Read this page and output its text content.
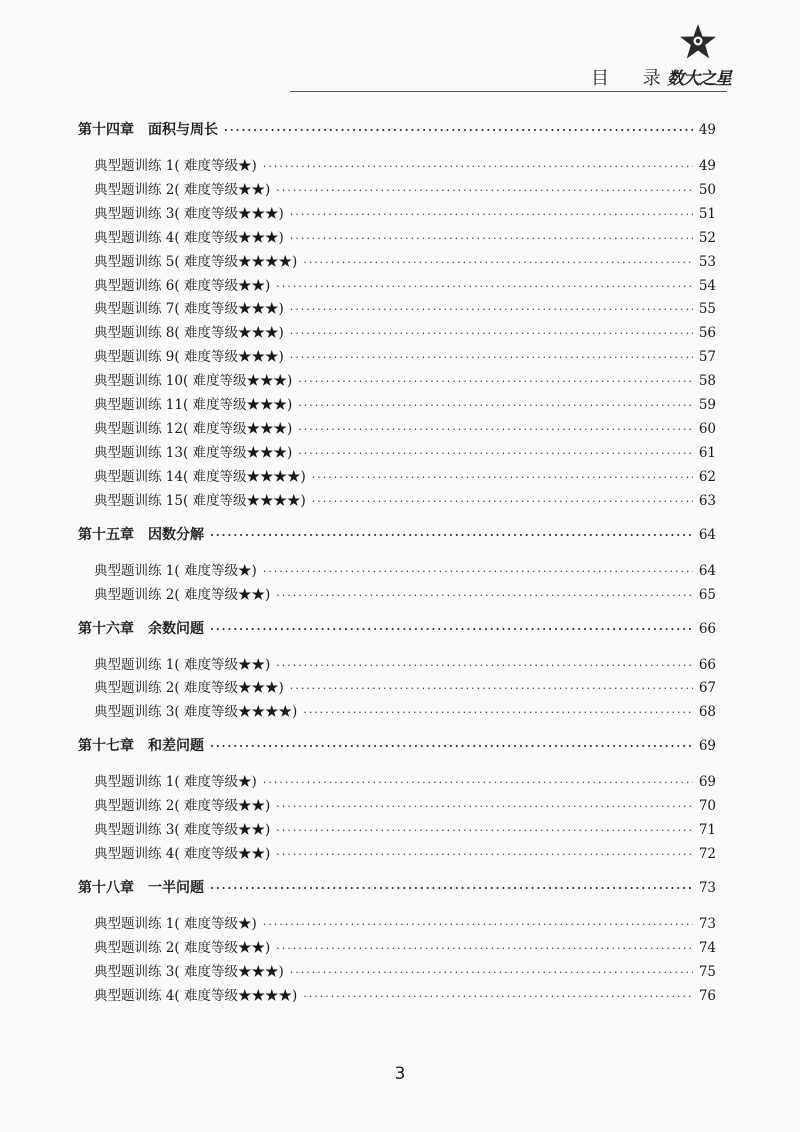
目 录
数大之星
第十四章　面积与周长 ·····	49
典型题训练 1( 难度等级★) ·····	49
典型题训练 2( 难度等级★★) ·····	50
典型题训练 3( 难度等级★★★) ·····	51
典型题训练 4( 难度等级★★★) ·····	52
典型题训练 5( 难度等级★★★★) ·····	53
典型题训练 6( 难度等级★★) ·····	54
典型题训练 7( 难度等级★★★) ·····	55
典型题训练 8( 难度等级★★★) ·····	56
典型题训练 9( 难度等级★★★) ·····	57
典型题训练 10( 难度等级★★★) ·····	58
典型题训练 11( 难度等级★★★) ·····	59
典型题训练 12( 难度等级★★★) ·····	60
典型题训练 13( 难度等级★★★) ·····	61
典型题训练 14( 难度等级★★★★) ·····	62
典型题训练 15( 难度等级★★★★) ·····	63
第十五章　因数分解 ·····	64
典型题训练 1( 难度等级★) ·····	64
典型题训练 2( 难度等级★★) ·····	65
第十六章　余数问题 ·····	66
典型题训练 1( 难度等级★★) ·····	66
典型题训练 2( 难度等级★★★) ·····	67
典型题训练 3( 难度等级★★★★) ·····	68
第十七章　和差问题 ·····	69
典型题训练 1( 难度等级★) ·····	69
典型题训练 2( 难度等级★★) ·····	70
典型题训练 3( 难度等级★★) ·····	71
典型题训练 4( 难度等级★★) ·····	72
第十八章　一半问题 ·····	73
典型题训练 1( 难度等级★) ·····	73
典型题训练 2( 难度等级★★) ·····	74
典型题训练 3( 难度等级★★★) ·····	75
典型题训练 4( 难度等级★★★★) ·····	76
3
